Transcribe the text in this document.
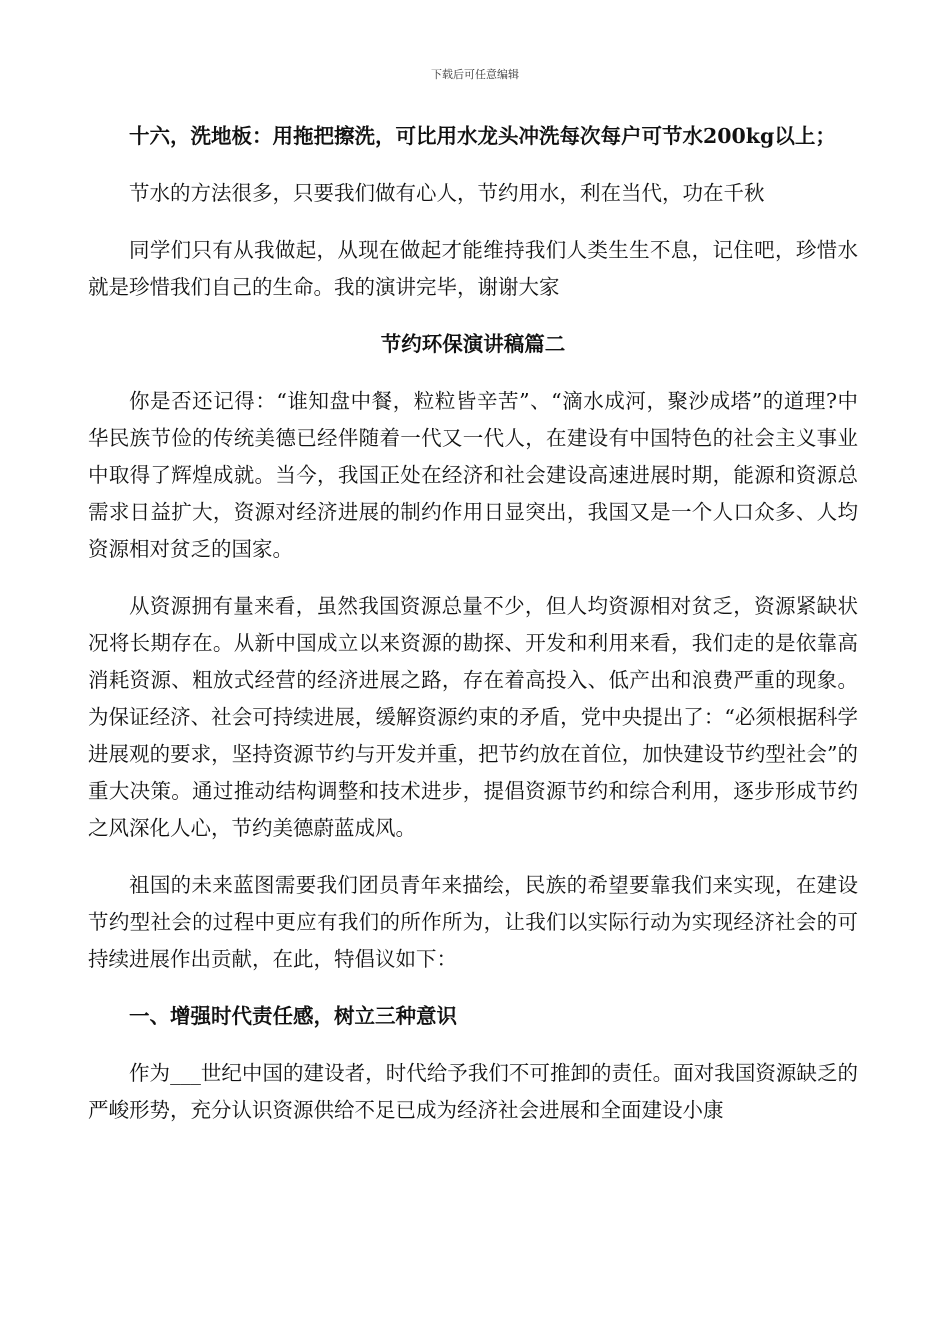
下载后可任意编辑

十六，洗地板：用拖把擦洗，可比用水龙头冲洗每次每户可节水200kg以上；

节水的方法很多，只要我们做有心人，节约用水，利在当代，功在千秋

同学们只有从我做起，从现在做起才能维持我们人类生生不息，记住吧，珍惜水就是珍惜我们自己的生命。我的演讲完毕，谢谢大家

节约环保演讲稿篇二

你是否还记得：“谁知盘中餐，粒粒皆辛苦”、“滴水成河，聚沙成塔”的道理?中华民族节俭的传统美德已经伴随着一代又一代人，在建设有中国特色的社会主义事业中取得了辉煌成就。当今，我国正处在经济和社会建设高速进展时期，能源和资源总需求日益扩大，资源对经济进展的制约作用日显突出，我国又是一个人口众多、人均资源相对贫乏的国家。

从资源拥有量来看，虽然我国资源总量不少，但人均资源相对贫乏，资源紧缺状况将长期存在。从新中国成立以来资源的勘探、开发和利用来看，我们走的是依靠高消耗资源、粗放式经营的经济进展之路，存在着高投入、低产出和浪费严重的现象。为保证经济、社会可持续进展，缓解资源约束的矛盾，党中央提出了：“必须根据科学进展观的要求，坚持资源节约与开发并重，把节约放在首位，加快建设节约型社会”的重大决策。通过推动结构调整和技术进步，提倡资源节约和综合利用，逐步形成节约之风深化人心，节约美德蔚蓝成风。

祖国的未来蓝图需要我们团员青年来描绘，民族的希望要靠我们来实现，在建设节约型社会的过程中更应有我们的所作所为，让我们以实际行动为实现经济社会的可持续进展作出贡献，在此，特倡议如下：

一、增强时代责任感，树立三种意识

作为___世纪中国的建设者，时代给予我们不可推卸的责任。面对我国资源缺乏的严峻形势，充分认识资源供给不足已成为经济社会进展和全面建设小康
